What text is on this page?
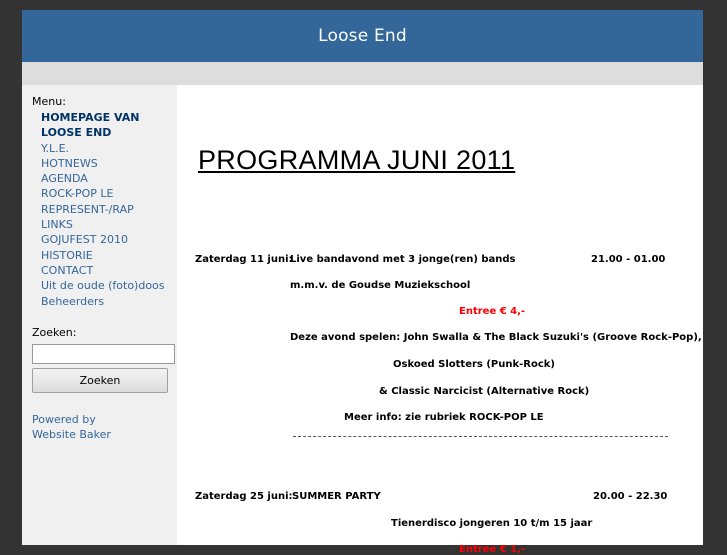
Loose End
Menu:
HOMEPAGE VAN
LOOSE END
Y.L.E.
HOTNEWS
AGENDA
ROCK-POP LE
REPRESENT-/RAP
LINKS
GOJUFEST 2010
HISTORIE
CONTACT
Uit de oude (foto)doos
Beheerders
Zoeken:
Zoeken
Powered by
Website Baker
PROGRAMMA JUNI 2011
Zaterdag 11 juni:
Live bandavond met 3 jonge(ren) bands	21.00 - 01.00
m.m.v. de Goudse Muziekschool
Entree € 4,-
Deze avond spelen: John Swalla & The Black Suzuki's (Groove Rock-Pop),
Oskoed Slotters (Punk-Rock)
& Classic Narcicist (Alternative Rock)
Meer info: zie rubriek ROCK-POP LE
Zaterdag 25 juni: SUMMER PARTY	20.00 - 22.30
Tienerdisco jongeren 10 t/m 15 jaar
Entree € 1,-
